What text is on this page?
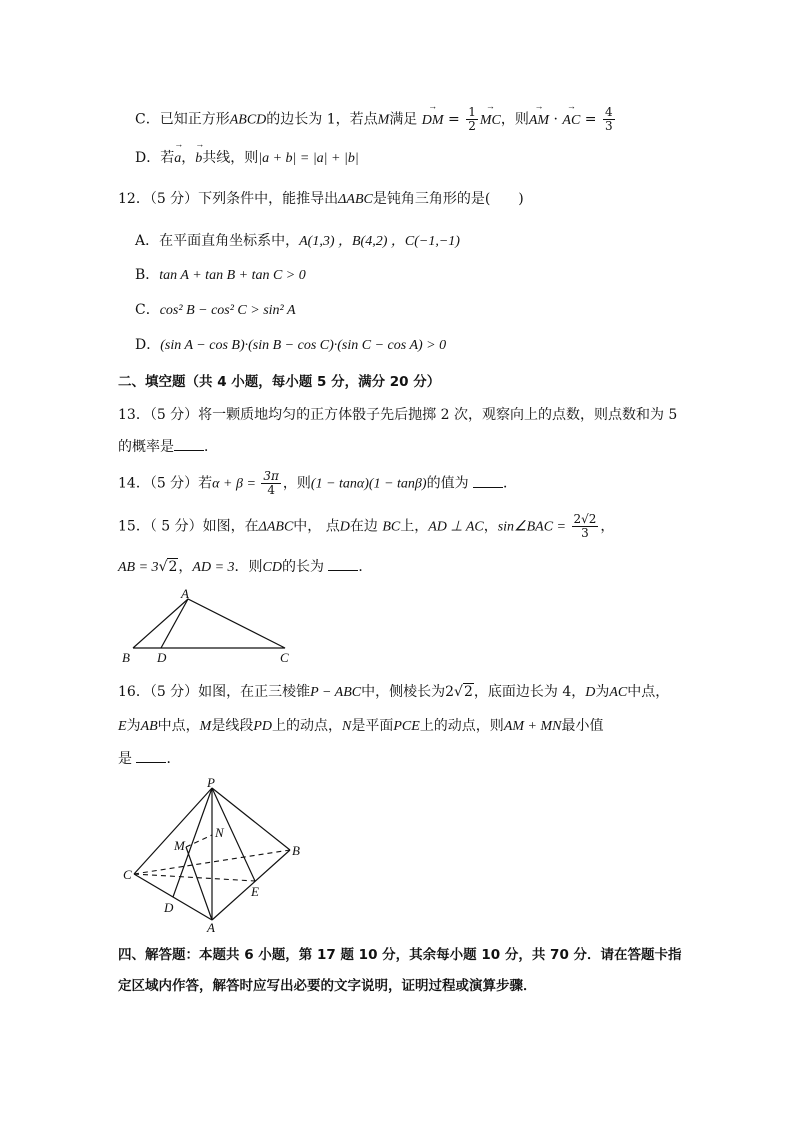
C．已知正方形ABCD的边长为 1，若点M满足 → DM = $\frac{1}{2}$ → MC，则→ AM · → AC = $\frac{4}{3}$
D．若→ a，→ b共线，则|a + b| = |a| + |b|
12．（5 分）下列条件中，能推导出ΔABC是钝角三角形的是(　　)
A．在平面直角坐标系中，A(1,3) ，B(4,2) ，C(−1,−1)
B．tan A + tan B + tan C > 0
C．cos² B − cos² C > sin² A
D．(sin A − cos B)·(sin B − cos C)·(sin C − cos A) > 0
二、填空题（共 4 小题，每小题 5 分，满分 20 分）
13．（5 分）将一颗质地均匀的正方体骰子先后抛掷 2 次，观察向上的点数，则点数和为 5
的概率是 ．
14．（5 分）若$\alpha + \beta = \frac{3\pi}{4}$ ，则(1 − tanα)(1 − tanβ)的值为 ．
15．（ 5 分）如图，在ΔABC中， 点D在边 BC上，AD ⊥ AC，sin∠BAC = $\frac{2√2}{3}$ ，
AB = 3√2，AD = 3．则CD的长为 ．
A
B D	C
16．（5 分）如图，在正三棱锥P − ABC中，侧棱长为2√2，底面边长为 4，D为AC中点，
E为AB中点，M是线段PD上的动点，N是平面PCE上的动点，则AM + MN最小值
是 ．
P
N
M	B
C
E
D
A
四、解答题：本题共 6 小题，第 17 题 10 分，其余每小题 10 分，共 70 分．请在答题卡指
定区域内作答，解答时应写出必要的文字说明，证明过程或演算步骤．
